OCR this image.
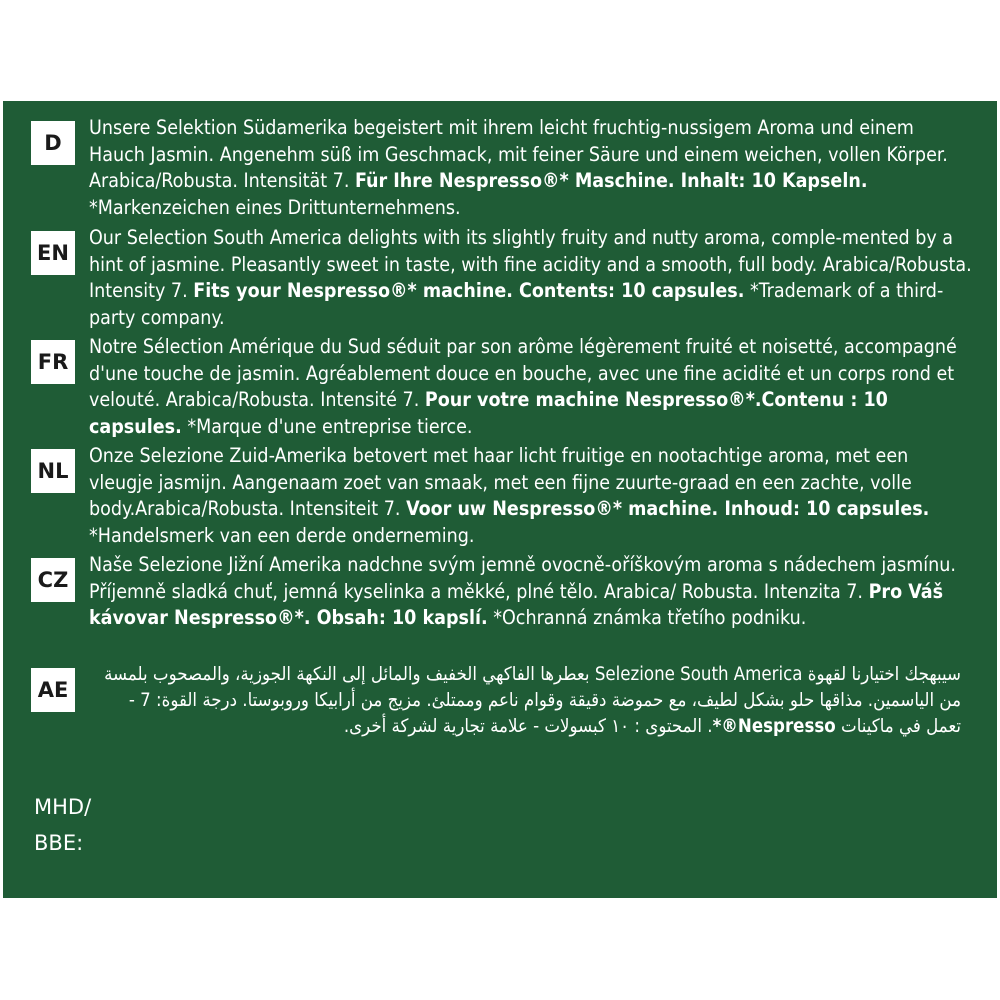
D
Unsere Selektion Südamerika begeistert mit ihrem leicht fruchtig-nussigem Aroma und einem Hauch Jasmin. Angenehm süß im Geschmack, mit feiner Säure und einem weichen, vollen Körper. Arabica/Robusta. Intensität 7. Für Ihre Nespresso®* Maschine. Inhalt: 10 Kapseln. *Markenzeichen eines Drittunternehmens.
EN
Our Selection South America delights with its slightly fruity and nutty aroma, comple-mented by a hint of jasmine. Pleasantly sweet in taste, with fine acidity and a smooth, full body. Arabica/Robusta. Intensity 7. Fits your Nespresso®* machine. Contents: 10 capsules. *Trademark of a third-party company.
FR
Notre Sélection Amérique du Sud séduit par son arôme légèrement fruité et noisetté, accompagné d'une touche de jasmin. Agréablement douce en bouche, avec une fine acidité et un corps rond et velouté. Arabica/Robusta. Intensité 7. Pour votre machine Nespresso®*.Contenu : 10 capsules. *Marque d'une entreprise tierce.
NL
Onze Selezione Zuid-Amerika betovert met haar licht fruitige en nootachtige aroma, met een vleugje jasmijn. Aangenaam zoet van smaak, met een fijne zuurte-graad en een zachte, volle body.Arabica/Robusta. Intensiteit 7. Voor uw Nespresso®* machine. Inhoud: 10 capsules. *Handelsmerk van een derde onderneming.
CZ
Naše Selezione Jižní Amerika nadchne svým jemně ovocně-oříškovým aroma s nádechem jasmínu. Příjemně sladká chuť, jemná kyselinka a měkké, plné tělo. Arabica/ Robusta. Intenzita 7. Pro Váš kávovar Nespresso®*. Obsah: 10 kapslí. *Ochranná známka třetího podniku.
AE
سيبهجك اختيارنا لقهوة Selezione South America بعطرها الفاكهي الخفيف والمائل إلى النكهة الجوزية، والمصحوب بلمسة من الياسمين. مذاقها حلو بشكل لطيف، مع حموضة دقيقة وقوام ناعم وممتلئ. مزيج من أرابيكا وروبوستا. درجة القوة: 7 - تعمل في ماكينات Nespresso®*. المحتوى : ١٠ كبسولات - علامة تجارية لشركة أخرى.
MHD/
BBE:
